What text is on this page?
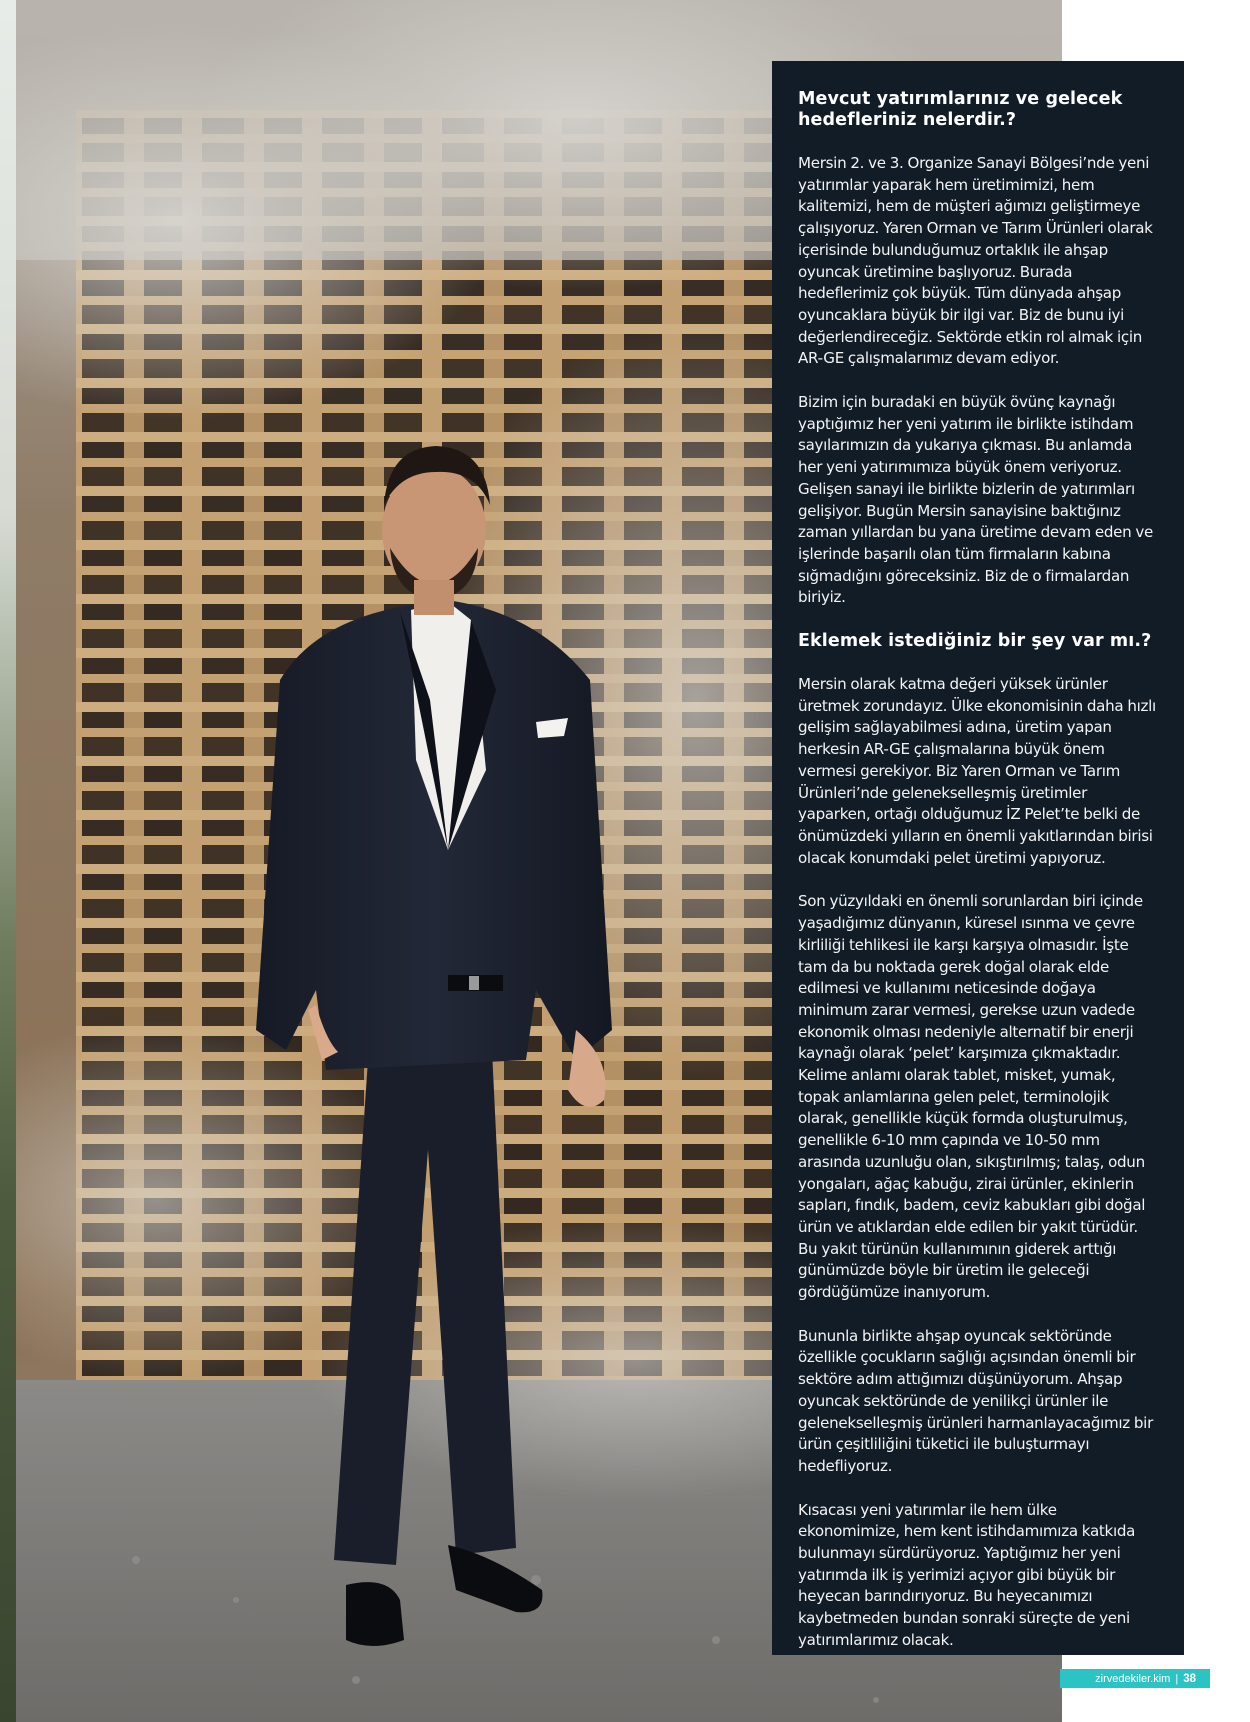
Mevcut yatırımlarınız ve gelecek hedefleriniz nelerdir.?
Mersin 2. ve 3. Organize Sanayi Bölgesi’nde yeni yatırımlar yaparak hem üretimimizi, hem kalitemizi, hem de müşteri ağımızı geliştirmeye çalışıyoruz. Yaren Orman ve Tarım Ürünleri olarak içerisinde bulunduğumuz ortaklık ile ahşap oyuncak üretimine başlıyoruz. Burada hedeflerimiz çok büyük. Tüm dünyada ahşap oyuncaklara büyük bir ilgi var. Biz de bunu iyi değerlendireceğiz. Sektörde etkin rol almak için AR-GE çalışmalarımız devam ediyor.
Bizim için buradaki en büyük övünç kaynağı yaptığımız her yeni yatırım ile birlikte istihdam sayılarımızın da yukarıya çıkması. Bu anlamda her yeni yatırımımıza büyük önem veriyoruz. Gelişen sanayi ile birlikte bizlerin de yatırımları gelişiyor. Bugün Mersin sanayisine baktığınız zaman yıllardan bu yana üretime devam eden ve işlerinde başarılı olan tüm firmaların kabına sığmadığını göreceksiniz. Biz de o firmalardan biriyiz.
Eklemek istediğiniz bir şey var mı.?
Mersin olarak katma değeri yüksek ürünler üretmek zorundayız. Ülke ekonomisinin daha hızlı gelişim sağlayabilmesi adına, üretim yapan herkesin AR-GE çalışmalarına büyük önem vermesi gerekiyor. Biz Yaren Orman ve Tarım Ürünleri’nde gelenekselleşmiş üretimler yaparken, ortağı olduğumuz İZ Pelet’te belki de önümüzdeki yılların en önemli yakıtlarından birisi olacak konumdaki pelet üretimi yapıyoruz.
Son yüzyıldaki en önemli sorunlardan biri içinde yaşadığımız dünyanın, küresel ısınma ve çevre kirliliği tehlikesi ile karşı karşıya olmasıdır. İşte tam da bu noktada gerek doğal olarak elde edilmesi ve kullanımı neticesinde doğaya minimum zarar vermesi, gerekse uzun vadede ekonomik olması nedeniyle alternatif bir enerji kaynağı olarak ‘pelet’ karşımıza çıkmaktadır. Kelime anlamı olarak tablet, misket, yumak, topak anlamlarına gelen pelet, terminolojik olarak, genellikle küçük formda oluşturulmuş, genellikle 6-10 mm çapında ve 10-50 mm arasında uzunluğu olan, sıkıştırılmış; talaş, odun yongaları, ağaç kabuğu, zirai ürünler, ekinlerin sapları, fındık, badem, ceviz kabukları gibi doğal ürün ve atıklardan elde edilen bir yakıt türüdür. Bu yakıt türünün kullanımının giderek arttığı günümüzde böyle bir üretim ile geleceği gördüğümüze inanıyorum.
Bununla birlikte ahşap oyuncak sektöründe özellikle çocukların sağlığı açısından önemli bir sektöre adım attığımızı düşünüyorum. Ahşap oyuncak sektöründe de yenilikçi ürünler ile gelenekselleşmiş ürünleri harmanlayacağımız bir ürün çeşitliliğini tüketici ile buluşturmayı hedefliyoruz.
Kısacası yeni yatırımlar ile hem ülke ekonomimize, hem kent istihdamımıza katkıda bulunmayı sürdürüyoruz. Yaptığımız her yeni yatırımda ilk iş yerimizi açıyor gibi büyük bir heyecan barındırıyoruz. Bu heyecanımızı kaybetmeden bundan sonraki süreçte de yeni yatırımlarımız olacak.
zirvedekiler.kim | 38
